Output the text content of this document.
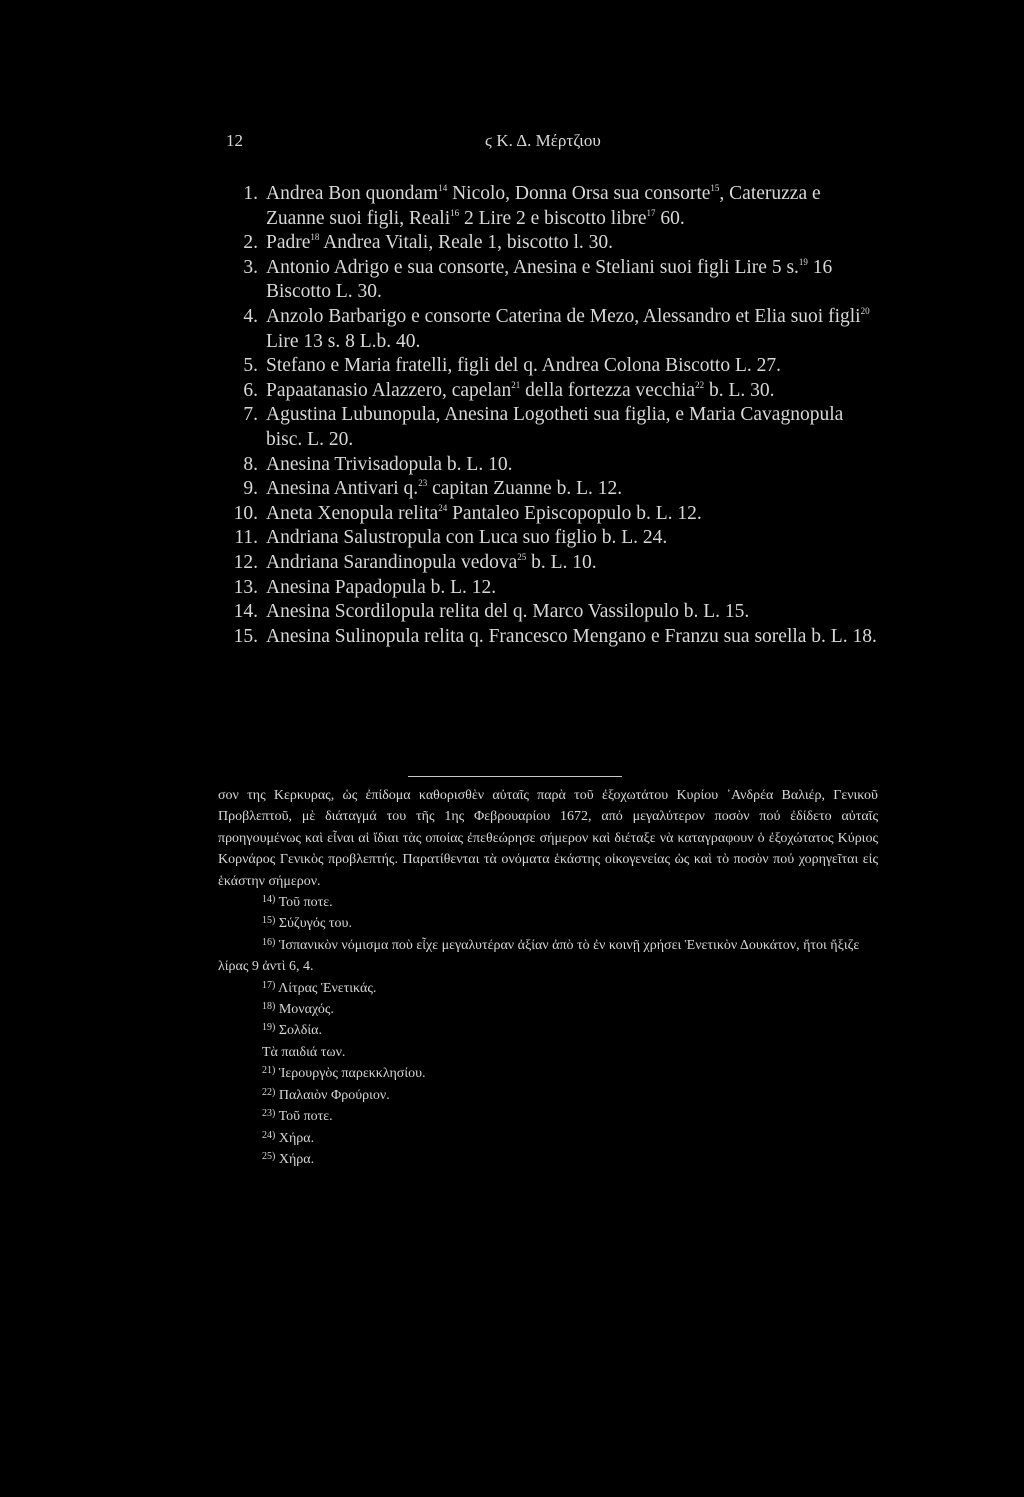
12	ϛ Κ. Δ. Μέρτζιου
1. Andrea Bon quondam$^{14}$ Nicolo, Donna Orsa sua consorte$^{15}$, Cateruzza e Zuanne suoi figli, Reali$^{16}$ 2 Lire 2 e biscotto libre$^{17}$ 60.
2. Padre$^{18}$ Andrea Vitali, Reale 1, biscotto l. 30.
3. Antonio Adrigo e sua consorte, Anesina e Steliani suoi figli Lire 5 s.$^{19}$ 16 Biscotto L. 30.
4. Anzolo Barbarigo e consorte Caterina de Mezo, Alessandro et Elia suoi figli$^{20}$ Lire 13 s. 8 L.b. 40.
5. Stefano e Maria fratelli, figli del q. Andrea Colona Biscotto L. 27.
6. Papaatanasio Alazzero, capelan$^{21}$ della fortezza vecchia$^{22}$ b. L. 30.
7. Agustina Lubunopula, Anesina Logotheti sua figlia, e Maria Cavagnopula bisc. L. 20.
8. Anesina Trivisadopula b. L. 10.
9. Anesina Antivari q.$^{23}$ capitan Zuanne b. L. 12.
10. Aneta Xenopula relita$^{24}$ Pantaleo Episcopopulo b. L. 12.
11. Andriana Salustropula con Luca suo figlio b. L. 24.
12. Andriana Sarandinopula vedova$^{25}$ b. L. 10.
13. Anesina Papadopula b. L. 12.
14. Anesina Scordilopula relita del q. Marco Vassilopulo b. L. 15.
15. Anesina Sulinopula relita q. Francesco Mengano e Franzu sua sorella b. L. 18.
σον της Κερκυρας, ὡς ἐπίδομα καθορισθὲν αὐταῖς παρὰ τοῦ ἐξοχωτάτου Κυρίου ᾿Ανδρέα Βαλιέρ, Γενικοῦ Προβλεπτοῦ, μὲ διάταγμά του τῆς 1ης Φεβρουαρίου 1672, από μεγαλύτερον ποσὸν πού ἐδίδετο αὐταῖς προηγουμένως καὶ εἶναι αἱ ἴδιαι τὰς οποίας ἐπεθεώρησε σήμερον καὶ διέταξε νὰ καταγραφουν ὁ ἐξοχώτατος Κύριος Κορνάρος Γενικὸς προβλεπτής. Παρατίθενται τὰ ονόματα ἑκάστης οἰκογενείας ὡς καὶ τὸ ποσὸν πού χορηγεῖται εἰς ἑκάστην σήμερον.
$^{14)}$ Τοῦ ποτε.
$^{15)}$ Σύζυγός του.
$^{16)}$ Ἱσπανικὸν νόμισμα ποὺ εἶχε μεγαλυτέραν ἀξίαν ἀπὸ τὸ ἐν κοινῇ χρήσει Ἑνετικὸν Δουκάτον, ἤτοι ἤξιζε λίρας 9 ἀντὶ 6, 4.
$^{17)}$ Λίτρας Ἑνετικάς.
$^{18)}$ Μοναχός.
$^{19)}$ Σολδία.
Τὰ παιδιά των.
$^{21)}$ Ἱερουργὸς παρεκκλησίου.
$^{22)}$ Παλαιὸν Φρούριον.
$^{23)}$ Τοῦ ποτε.
$^{24)}$ Χήρα.
$^{25)}$ Χήρα.
